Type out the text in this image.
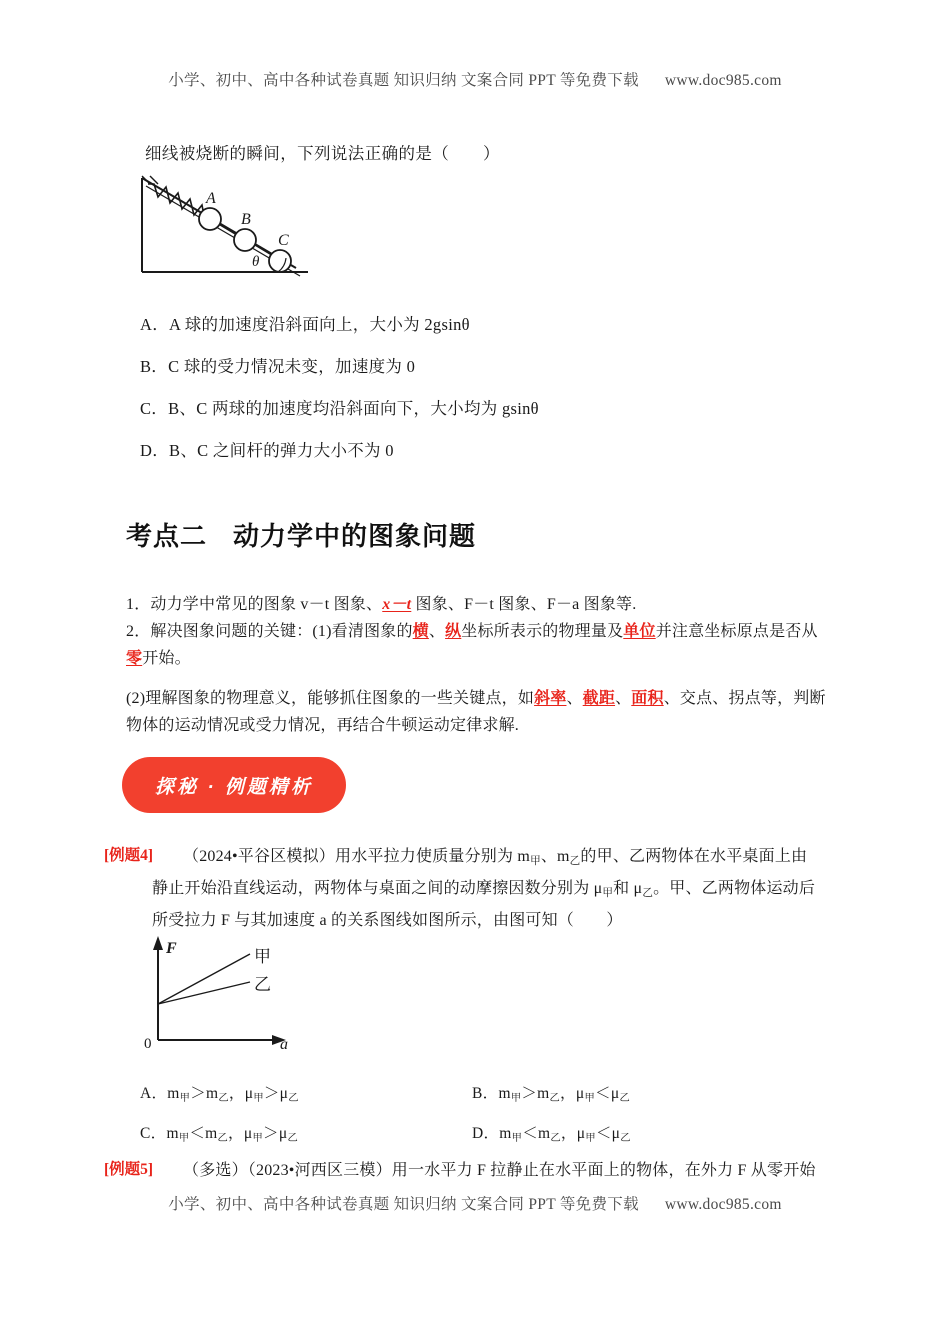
小学、初中、高中各种试卷真题 知识归纳 文案合同 PPT 等免费下载 www.doc985.com
细线被烧断的瞬间，下列说法正确的是（　　）
A
B
C
θ
A．A 球的加速度沿斜面向上，大小为 2gsinθ
B．C 球的受力情况未变，加速度为 0
C．B、C 两球的加速度均沿斜面向下，大小均为 gsinθ
D．B、C 之间杆的弹力大小不为 0
考点二 动力学中的图象问题
1．动力学中常见的图象 v－t 图象、x－t 图象、F－t 图象、F－a 图象等.
2．解决图象问题的关键：(1)看清图象的横、纵坐标所表示的物理量及单位并注意坐标原点是否从
零开始。
(2)理解图象的物理意义，能够抓住图象的一些关键点，如斜率、截距、面积、交点、拐点等，判断
物体的运动情况或受力情况，再结合牛顿运动定律求解.
探秘 · 例题精析
[例题4] （2024•平谷区模拟）用水平拉力使质量分别为 $m_甲$、$m_乙$的甲、乙两物体在水平桌面上由
静止开始沿直线运动，两物体与桌面之间的动摩擦因数分别为 $\mu_甲$和 $\mu_乙$。甲、乙两物体运动后
所受拉力 F 与其加速度 a 的关系图线如图所示，由图可知（　　）
F
a
0
甲
乙
A．$m_甲>m_乙$，$\mu_甲>\mu_乙$	B．$m_甲>m_乙$，$\mu_甲<\mu_乙$
C．$m_甲<m_乙$，$\mu_甲>\mu_乙$	D．$m_甲<m_乙$，$\mu_甲<\mu_乙$
[例题5] （多选）（2023•河西区三模）用一水平力 F 拉静止在水平面上的物体，在外力 F 从零开始
小学、初中、高中各种试卷真题 知识归纳 文案合同 PPT 等免费下载 www.doc985.com
